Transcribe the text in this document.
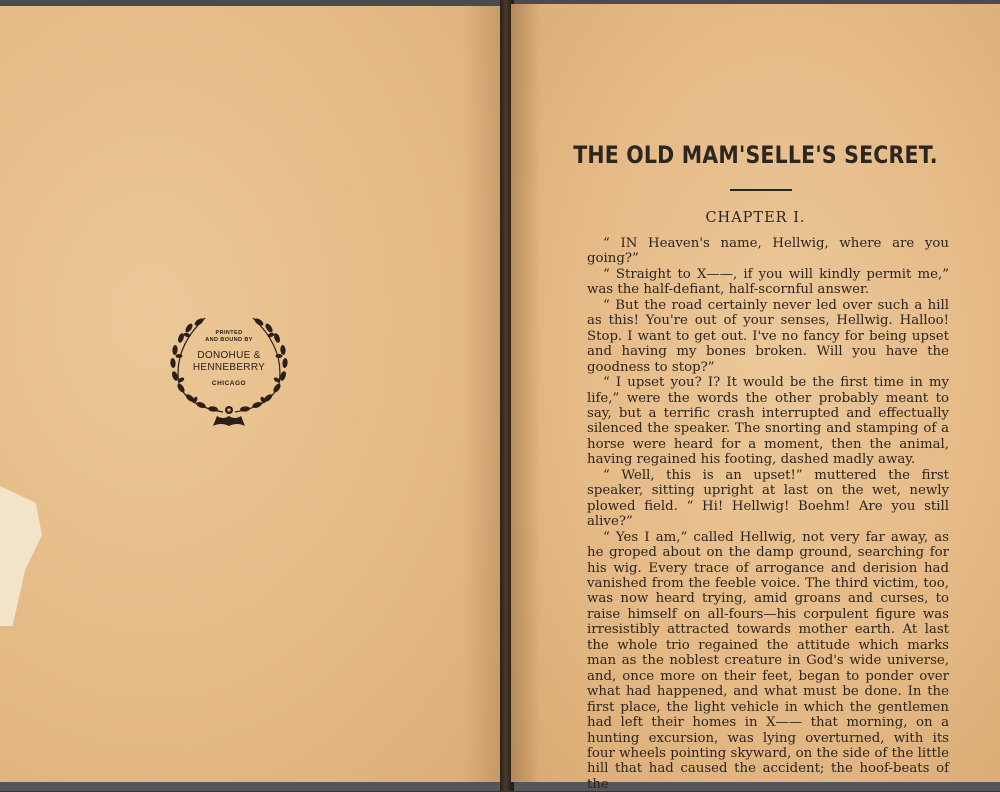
PRINTED
AND BOUND BY
DONOHUE &
HENNEBERRY
CHICAGO
THE OLD MAM'SELLE'S SECRET.
CHAPTER I.

“ IN Heaven's name, Hellwig, where are you going?”

“ Straight to X——, if you will kindly permit me,” was the half-defiant, half-scornful answer.

“ But the road certainly never led over such a hill as this! You're out of your senses, Hellwig. Halloo! Stop. I want to get out. I've no fancy for being upset and having my bones broken. Will you have the goodness to stop?”

“ I upset you? I? It would be the first time in my life,” were the words the other probably meant to say, but a terrific crash interrupted and effectually silenced the speaker. The snorting and stamping of a horse were heard for a moment, then the animal, having regained his footing, dashed madly away.

“ Well, this is an upset!” muttered the first speaker, sitting upright at last on the wet, newly plowed field. “ Hi! Hellwig! Boehm! Are you still alive?”

“ Yes I am,” called Hellwig, not very far away, as he groped about on the damp ground, searching for his wig. Every trace of arrogance and derision had vanished from the feeble voice. The third victim, too, was now heard trying, amid groans and curses, to raise himself on all-fours—his corpulent figure was irresistibly attracted towards mother earth. At last the whole trio regained the attitude which marks man as the noblest creature in God's wide universe, and, once more on their feet, began to ponder over what had happened, and what must be done. In the first place, the light vehicle in which the gentlemen had left their homes in X—— that morning, on a hunting excursion, was lying overturned, with its four wheels pointing skyward, on the side of the little hill that had caused the accident; the hoof-beats of the
